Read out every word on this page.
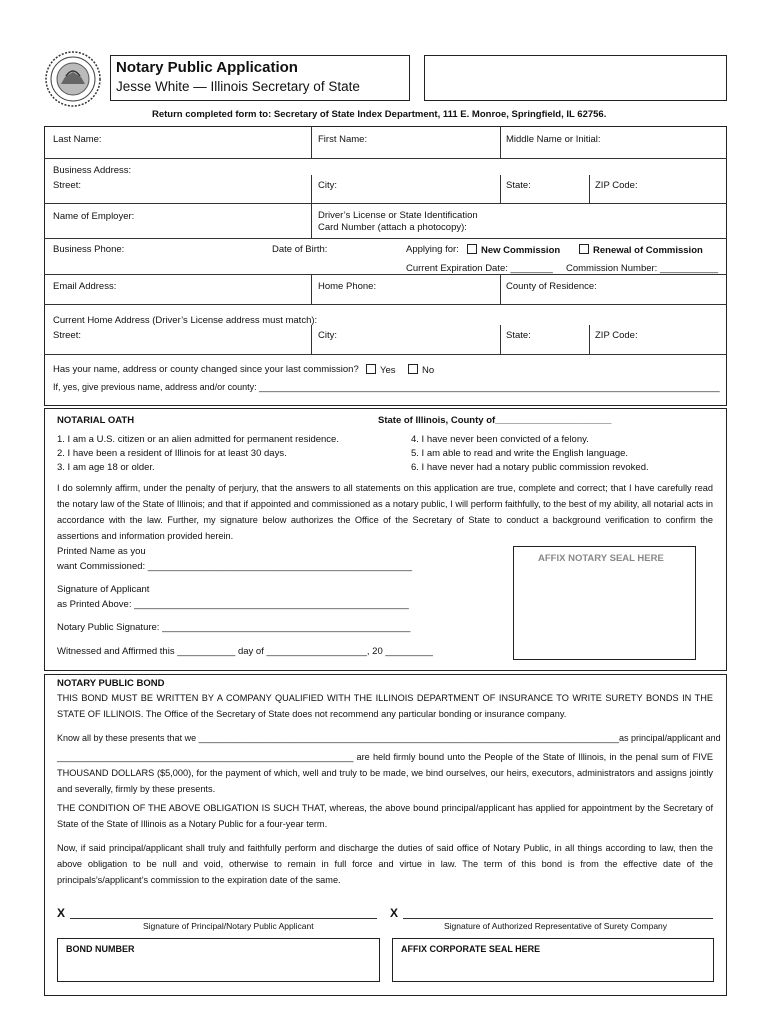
Notary Public Application
Jesse White — Illinois Secretary of State
Return completed form to: Secretary of State Index Department, 111 E. Monroe, Springfield, IL 62756.
Last Name:	First Name:	Middle Name or Initial:
Business Address:
Street:	City:	State:	ZIP Code:
Name of Employer:	Driver’s License or State Identification
Card Number (attach a photocopy):
Business Phone:	Date of Birth:	Applying for:	New Commission	Renewal of Commission
Current Expiration Date: ________ Commission Number: ___________
Email Address:	Home Phone:	County of Residence:
Current Home Address (Driver’s License address must match):
Street:	City:	State:	ZIP Code:
Has your name, address or county changed since your last commission?	Yes	No
If, yes, give previous name, address and/or county: ____________________________________________________________________________________________
NOTARIAL OATH	State of Illinois, County of______________________
1. I am a U.S. citizen or an alien admitted for permanent residence.
2. I have been a resident of Illinois for at least 30 days.
3. I am age 18 or older.
4. I have never been convicted of a felony.
5. I am able to read and write the English language.
6. I have never had a notary public commission revoked.
I do solemnly affirm, under the penalty of perjury, that the answers to all statements on this application are true, complete and correct; that I have carefully read the notary law of the State of Illinois; and that if appointed and commissioned as a notary public, I will perform faithfully, to the best of my ability, all notarial acts in accordance with the law. Further, my signature below authorizes the Office of the Secretary of State to conduct a background verification to confirm the assertions and information provided herein.
Printed Name as you
want Commissioned: __________________________________________________
Signature of Applicant
as Printed Above: ____________________________________________________
Notary Public Signature: _______________________________________________
Witnessed and Affirmed this ___________ day of ___________________, 20 _________
AFFIX NOTARY SEAL HERE
NOTARY PUBLIC BOND
THIS BOND MUST BE WRITTEN BY A COMPANY QUALIFIED WITH THE ILLINOIS DEPARTMENT OF INSURANCE TO WRITE SURETY BONDS IN THE STATE OF ILLINOIS. The Office of the Secretary of State does not recommend any particular bonding or insurance company.
Know all by these presents that we ____________________________________________________________________________________as principal/applicant and
__________________________________________________________ are held firmly bound unto the People of the State of Illinois, in the penal sum of FIVE THOUSAND DOLLARS ($5,000), for the payment of which, well and truly to be made, we bind ourselves, our heirs, executors, administrators and assigns jointly and severally, firmly by these presents.
THE CONDITION OF THE ABOVE OBLIGATION IS SUCH THAT, whereas, the above bound principal/applicant has applied for appointment by the Secretary of State of the State of Illinois as a Notary Public for a four-year term.
Now, if said principal/applicant shall truly and faithfully perform and discharge the duties of said office of Notary Public, in all things according to law, then the above obligation to be null and void, otherwise to remain in full force and virtue in law. The term of this bond is from the effective date of the principals’s/applicant’s commission to the expiration date of the same.
X
Signature of Principal/Notary Public Applicant
X
Signature of Authorized Representative of Surety Company
BOND NUMBER	AFFIX CORPORATE SEAL HERE
